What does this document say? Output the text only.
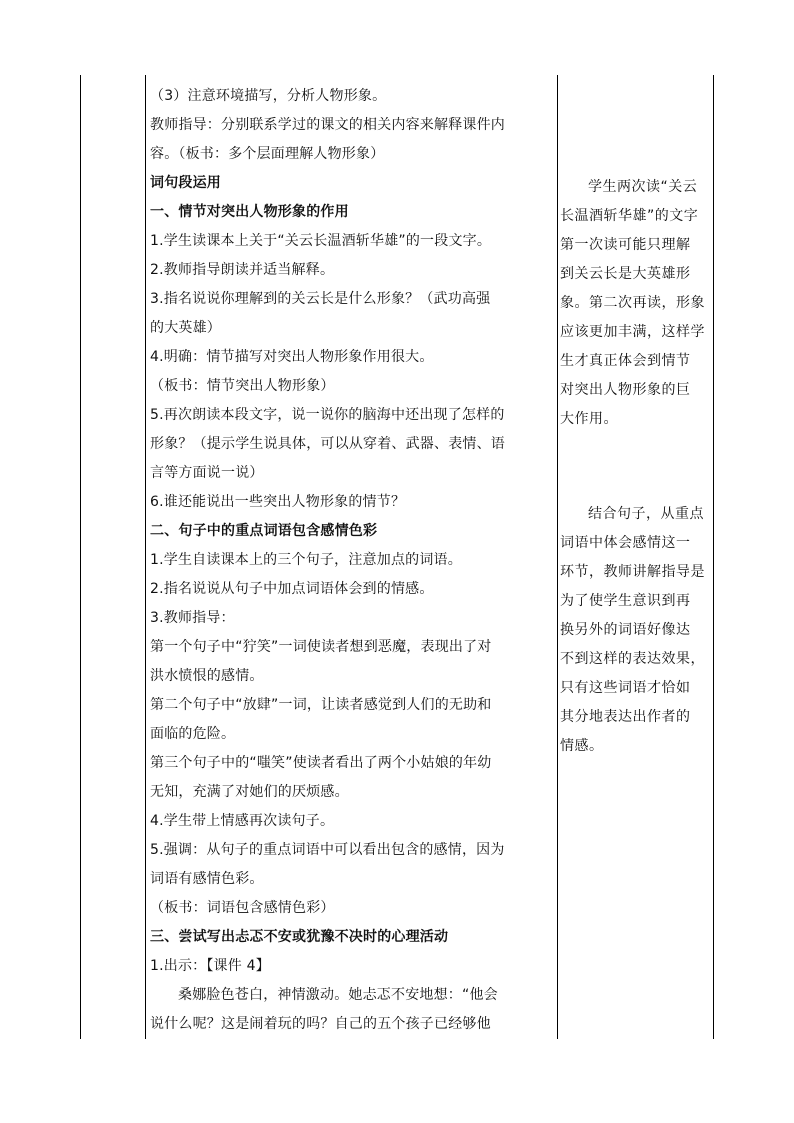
（3）注意环境描写，分析人物形象。
教师指导：分别联系学过的课文的相关内容来解释课件内
容。（板书：多个层面理解人物形象）
词句段运用
一、情节对突出人物形象的作用
1.学生读课本上关于“关云长温酒斩华雄”的一段文字。
2.教师指导朗读并适当解释。
3.指名说说你理解到的关云长是什么形象？（武功高强
的大英雄）
4.明确：情节描写对突出人物形象作用很大。
（板书：情节突出人物形象）
5.再次朗读本段文字，说一说你的脑海中还出现了怎样的
形象？（提示学生说具体，可以从穿着、武器、表情、语
言等方面说一说）
6.谁还能说出一些突出人物形象的情节？
二、句子中的重点词语包含感情色彩
1.学生自读课本上的三个句子，注意加点的词语。
2.指名说说从句子中加点词语体会到的情感。
3.教师指导：
第一个句子中“狞笑”一词使读者想到恶魔，表现出了对
洪水愤恨的感情。
第二个句子中“放肆”一词，让读者感觉到人们的无助和
面临的危险。
第三个句子中的“嗤笑”使读者看出了两个小姑娘的年幼
无知，充满了对她们的厌烦感。
4.学生带上情感再次读句子。
5.强调：从句子的重点词语中可以看出包含的感情，因为
词语有感情色彩。
（板书：词语包含感情色彩）
三、尝试写出忐忑不安或犹豫不决时的心理活动
1.出示：【课件 4】
桑娜脸色苍白，神情激动。她忐忑不安地想：“他会
说什么呢？这是闹着玩的吗？自己的五个孩子已经够他
学生两次读“关云
长温酒斩华雄”的文字
第一次读可能只理解
到关云长是大英雄形
象。第二次再读，形象
应该更加丰满，这样学
生才真正体会到情节
对突出人物形象的巨
大作用。
结合句子，从重点
词语中体会感情这一
环节，教师讲解指导是
为了使学生意识到再
换另外的词语好像达
不到这样的表达效果，
只有这些词语才恰如
其分地表达出作者的
情感。
